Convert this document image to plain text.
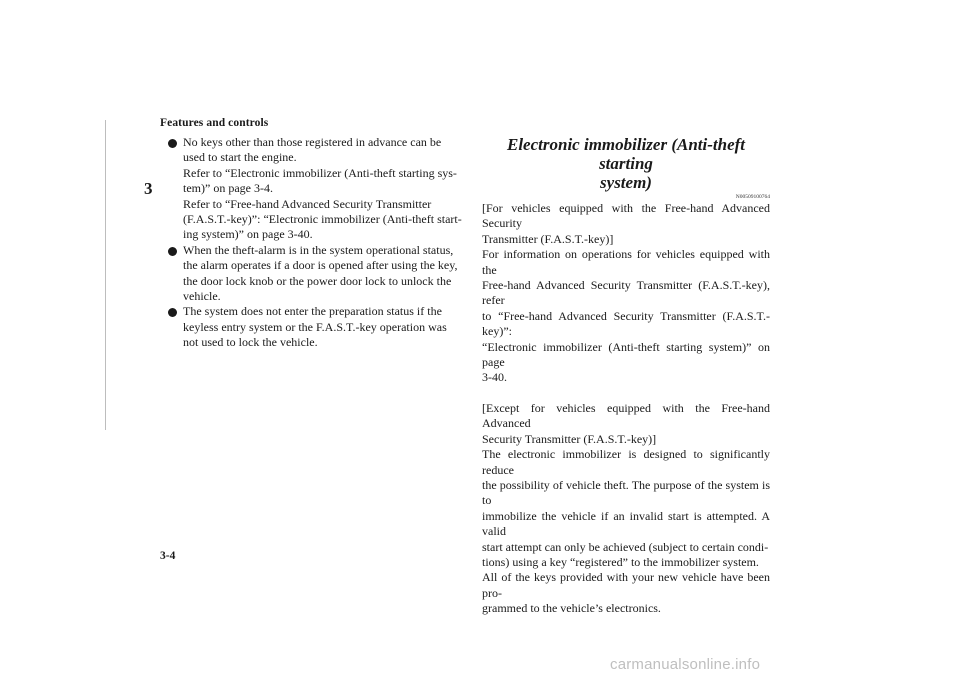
Features and controls
3
No keys other than those registered in advance can be
used to start the engine.
Refer to “Electronic immobilizer (Anti-theft starting sys-
tem)” on page 3-4.
Refer to “Free-hand Advanced Security Transmitter
(F.A.S.T.-key)”: “Electronic immobilizer (Anti-theft start-
ing system)” on page 3-40.
When the theft-alarm is in the system operational status,
the alarm operates if a door is opened after using the key,
the door lock knob or the power door lock to unlock the
vehicle.
The system does not enter the preparation status if the
keyless entry system or the F.A.S.T.-key operation was
not used to lock the vehicle.
Electronic immobilizer (Anti-theft starting
system)
N00509100764
[For vehicles equipped with the Free-hand Advanced Security
Transmitter (F.A.S.T.-key)]
For information on operations for vehicles equipped with the
Free-hand Advanced Security Transmitter (F.A.S.T.-key), refer
to “Free-hand Advanced Security Transmitter (F.A.S.T.-key)”:
“Electronic immobilizer (Anti-theft starting system)” on page
3-40.
[Except for vehicles equipped with the Free-hand Advanced
Security Transmitter (F.A.S.T.-key)]
The electronic immobilizer is designed to significantly reduce
the possibility of vehicle theft. The purpose of the system is to
immobilize the vehicle if an invalid start is attempted. A valid
start attempt can only be achieved (subject to certain condi-
tions) using a key “registered” to the immobilizer system.
All of the keys provided with your new vehicle have been pro-
grammed to the vehicle’s electronics.
3-4
carmanualsonline.info
